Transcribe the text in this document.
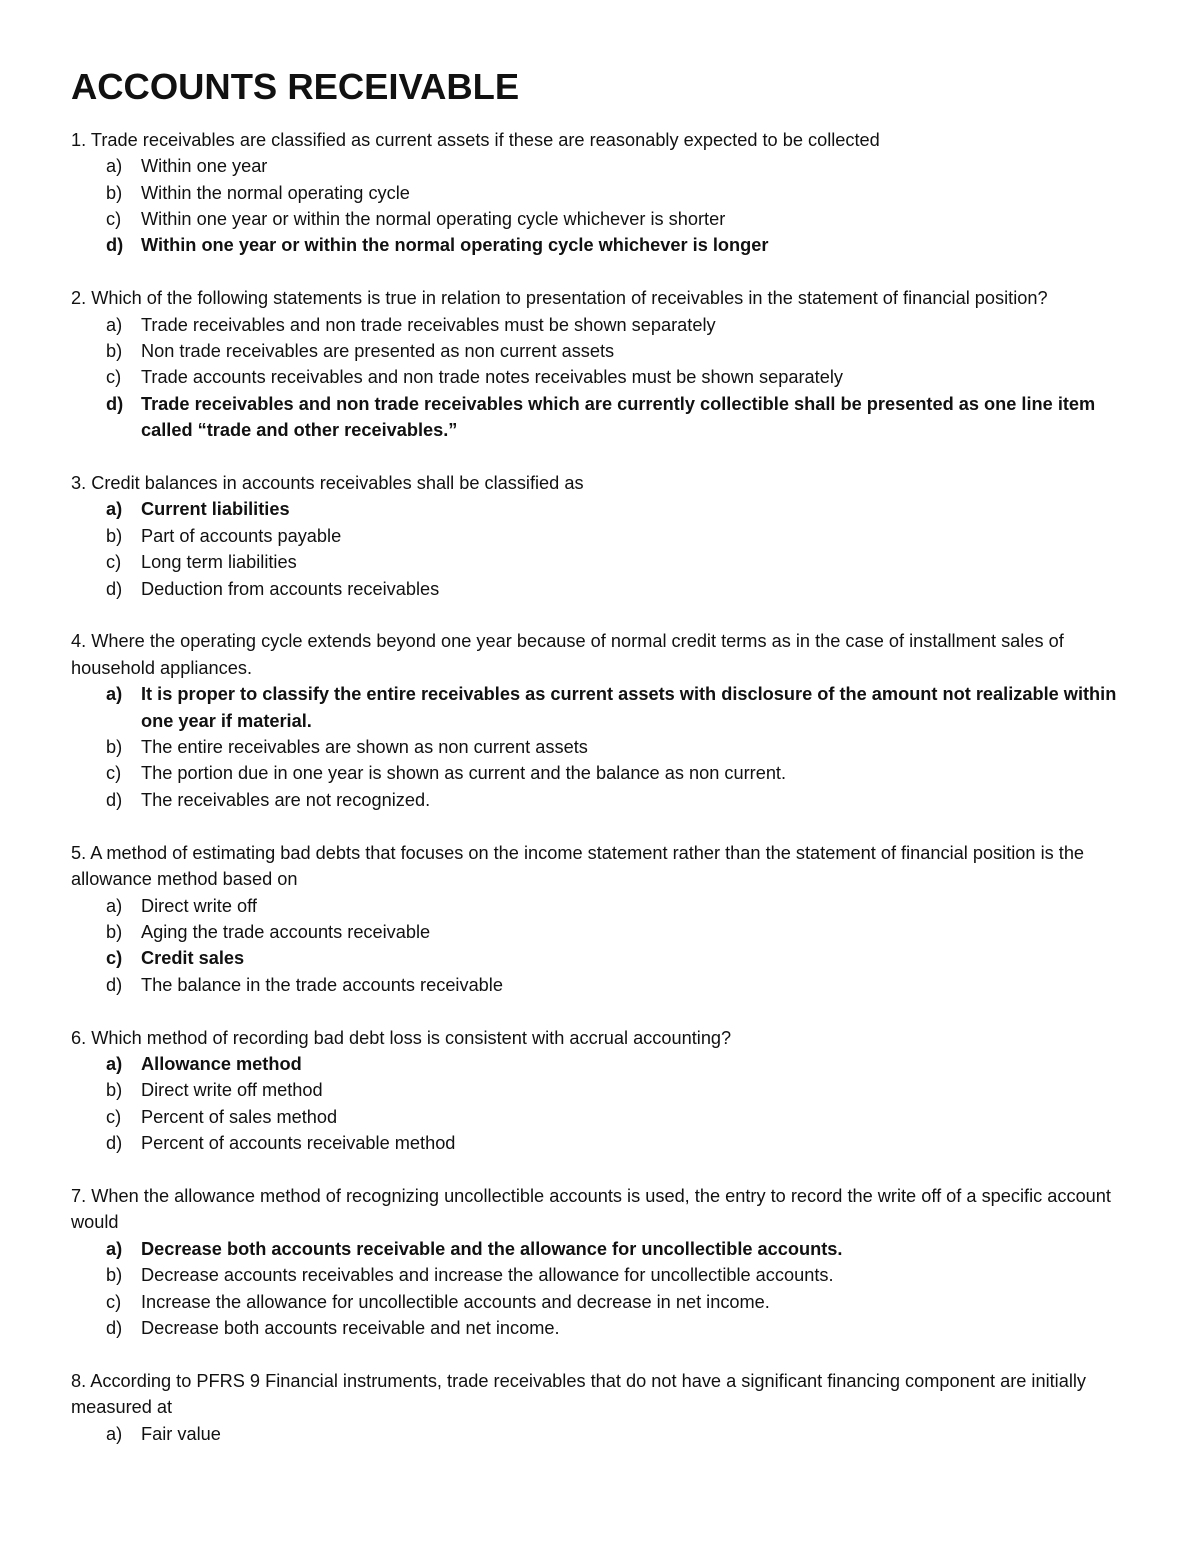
ACCOUNTS RECEIVABLE

1. Trade receivables are classified as current assets if these are reasonably expected to be collected

a) Within one year
b) Within the normal operating cycle
c) Within one year or within the normal operating cycle whichever is shorter
d) Within one year or within the normal operating cycle whichever is longer

2. Which of the following statements is true in relation to presentation of receivables in the statement of financial position?

a) Trade receivables and non trade receivables must be shown separately
b) Non trade receivables are presented as non current assets
c) Trade accounts receivables and non trade notes receivables must be shown separately
d) Trade receivables and non trade receivables which are currently collectible shall be presented as one line item called “trade and other receivables.”

3. Credit balances in accounts receivables shall be classified as

a) Current liabilities
b) Part of accounts payable
c) Long term liabilities
d) Deduction from accounts receivables

4. Where the operating cycle extends beyond one year because of normal credit terms as in the case of installment sales of household appliances.

a) It is proper to classify the entire receivables as current assets with disclosure of the amount not realizable within one year if material.
b) The entire receivables are shown as non current assets
c) The portion due in one year is shown as current and the balance as non current.
d) The receivables are not recognized.

5. A method of estimating bad debts that focuses on the income statement rather than the statement of financial position is the allowance method based on

a) Direct write off
b) Aging the trade accounts receivable
c) Credit sales
d) The balance in the trade accounts receivable

6. Which method of recording bad debt loss is consistent with accrual accounting?

a) Allowance method
b) Direct write off method
c) Percent of sales method
d) Percent of accounts receivable method

7. When the allowance method of recognizing uncollectible accounts is used, the entry to record the write off of a specific account would

a) Decrease both accounts receivable and the allowance for uncollectible accounts.
b) Decrease accounts receivables and increase the allowance for uncollectible accounts.
c) Increase the allowance for uncollectible accounts and decrease in net income.
d) Decrease both accounts receivable and net income.

8. According to PFRS 9 Financial instruments, trade receivables that do not have a significant financing component are initially measured at

a) Fair value
